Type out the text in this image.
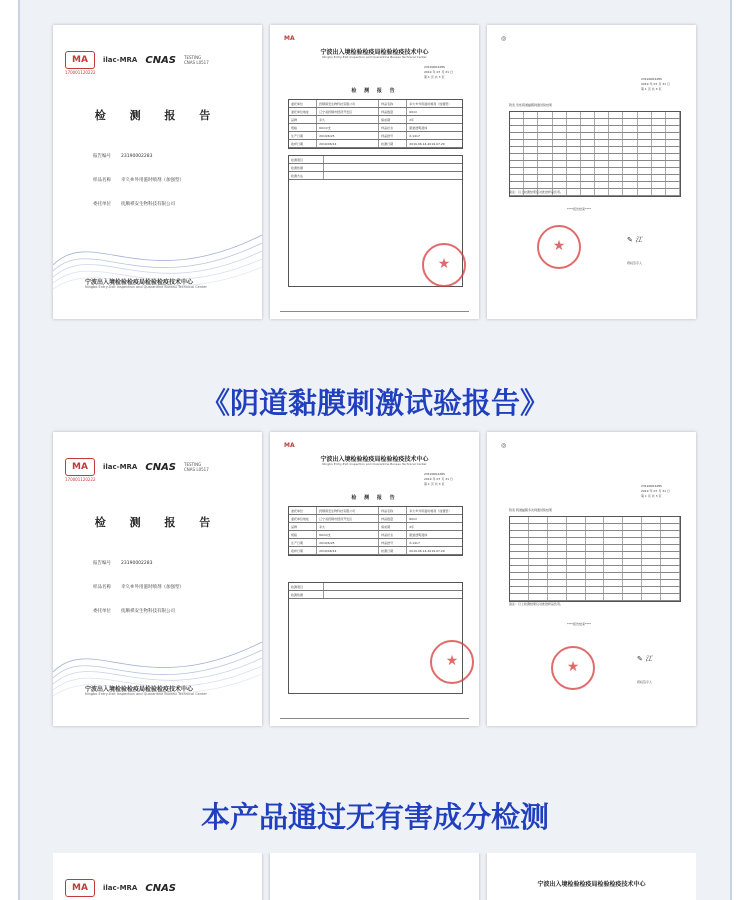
MA	ilac-MRA CNAS TESTING
CNAS L0517
170001120222
检 测 报 告
报告编号 23190002283
样品名称 幸久®外用滋时喷剂（加强型）
委托单位 抚顺祺安生物科技有限公司
宁波出入境检验检疫局检验检疫技术中心
Ningbo Entry-Exit Inspection and Quarantine Bureau Technical Center
MA
宁波出入境检验检疫局检验检疫技术中心
Ningbo Entry-Exit Inspection and Quarantine Bureau Technical Center
2319000228S
2019 年 07 月 31 日
第 1 页 共 3 页
检 测 报 告
委托单位	抚顺祺安生物科技有限公司	样品名称	幸久®外用滋时喷剂（加强型）
委托单位地址	辽宁省抚顺市经济开发区	样品数量	60ml
品牌	幸久	保质期	2年
规格	60ml/支	样品状态	瓶装透明液体
生产日期	2019/6/25	样品批号	X-1417
收样日期	2019/06/14	检测日期	2019.06.14-2019.07.29
检测项目
检测依据
检测方法
★
◎
2319000228S
2019 年 07 月 31 日
第 1 页 共 3 页
附表 急性阴道黏膜刺激试验结果
备注：以上检测结果仅对此批样品负责。
****报告结束****
★
✎ 江
授权签字人
《阴道黏膜刺激试验报告》
MA	ilac-MRA CNAS TESTING
CNAS L0517
170001120222
检 测 报 告
报告编号 23190002283
样品名称 幸久®外用滋时喷剂（加强型）
委托单位 抚顺祺安生物科技有限公司
宁波出入境检验检疫局检验检疫技术中心
Ningbo Entry-Exit Inspection and Quarantine Bureau Technical Center
MA
宁波出入境检验检疫局检验检疫技术中心
Ningbo Entry-Exit Inspection and Quarantine Bureau Technical Center
2319000228S
2019 年 07 月 31 日
第 1 页 共 3 页
检 测 报 告
委托单位	抚顺祺安生物科技有限公司	样品名称	幸久®外用滋时喷剂（加强型）
委托单位地址	辽宁省抚顺市经济开发区	样品数量	60ml
品牌	幸久	保质期	2年
规格	60ml/支	样品状态	瓶装透明液体
生产日期	2019/6/25	样品批号	X-1417
收样日期	2019/06/14	检测日期	2019.06.14-2019.07.29
检测项目
检测依据
★
◎
2319000228S
2019 年 07 月 31 日
第 1 页 共 3 页
附表 阴道黏膜多次刺激试验结果
备注：以上检测结果仅对此批样品负责。
****报告结束****
★
✎ 江
授权签字人
本产品通过无有害成分检测
MA	ilac-MRA CNAS	宁波出入境检验检疫局检验检疫技术中心
